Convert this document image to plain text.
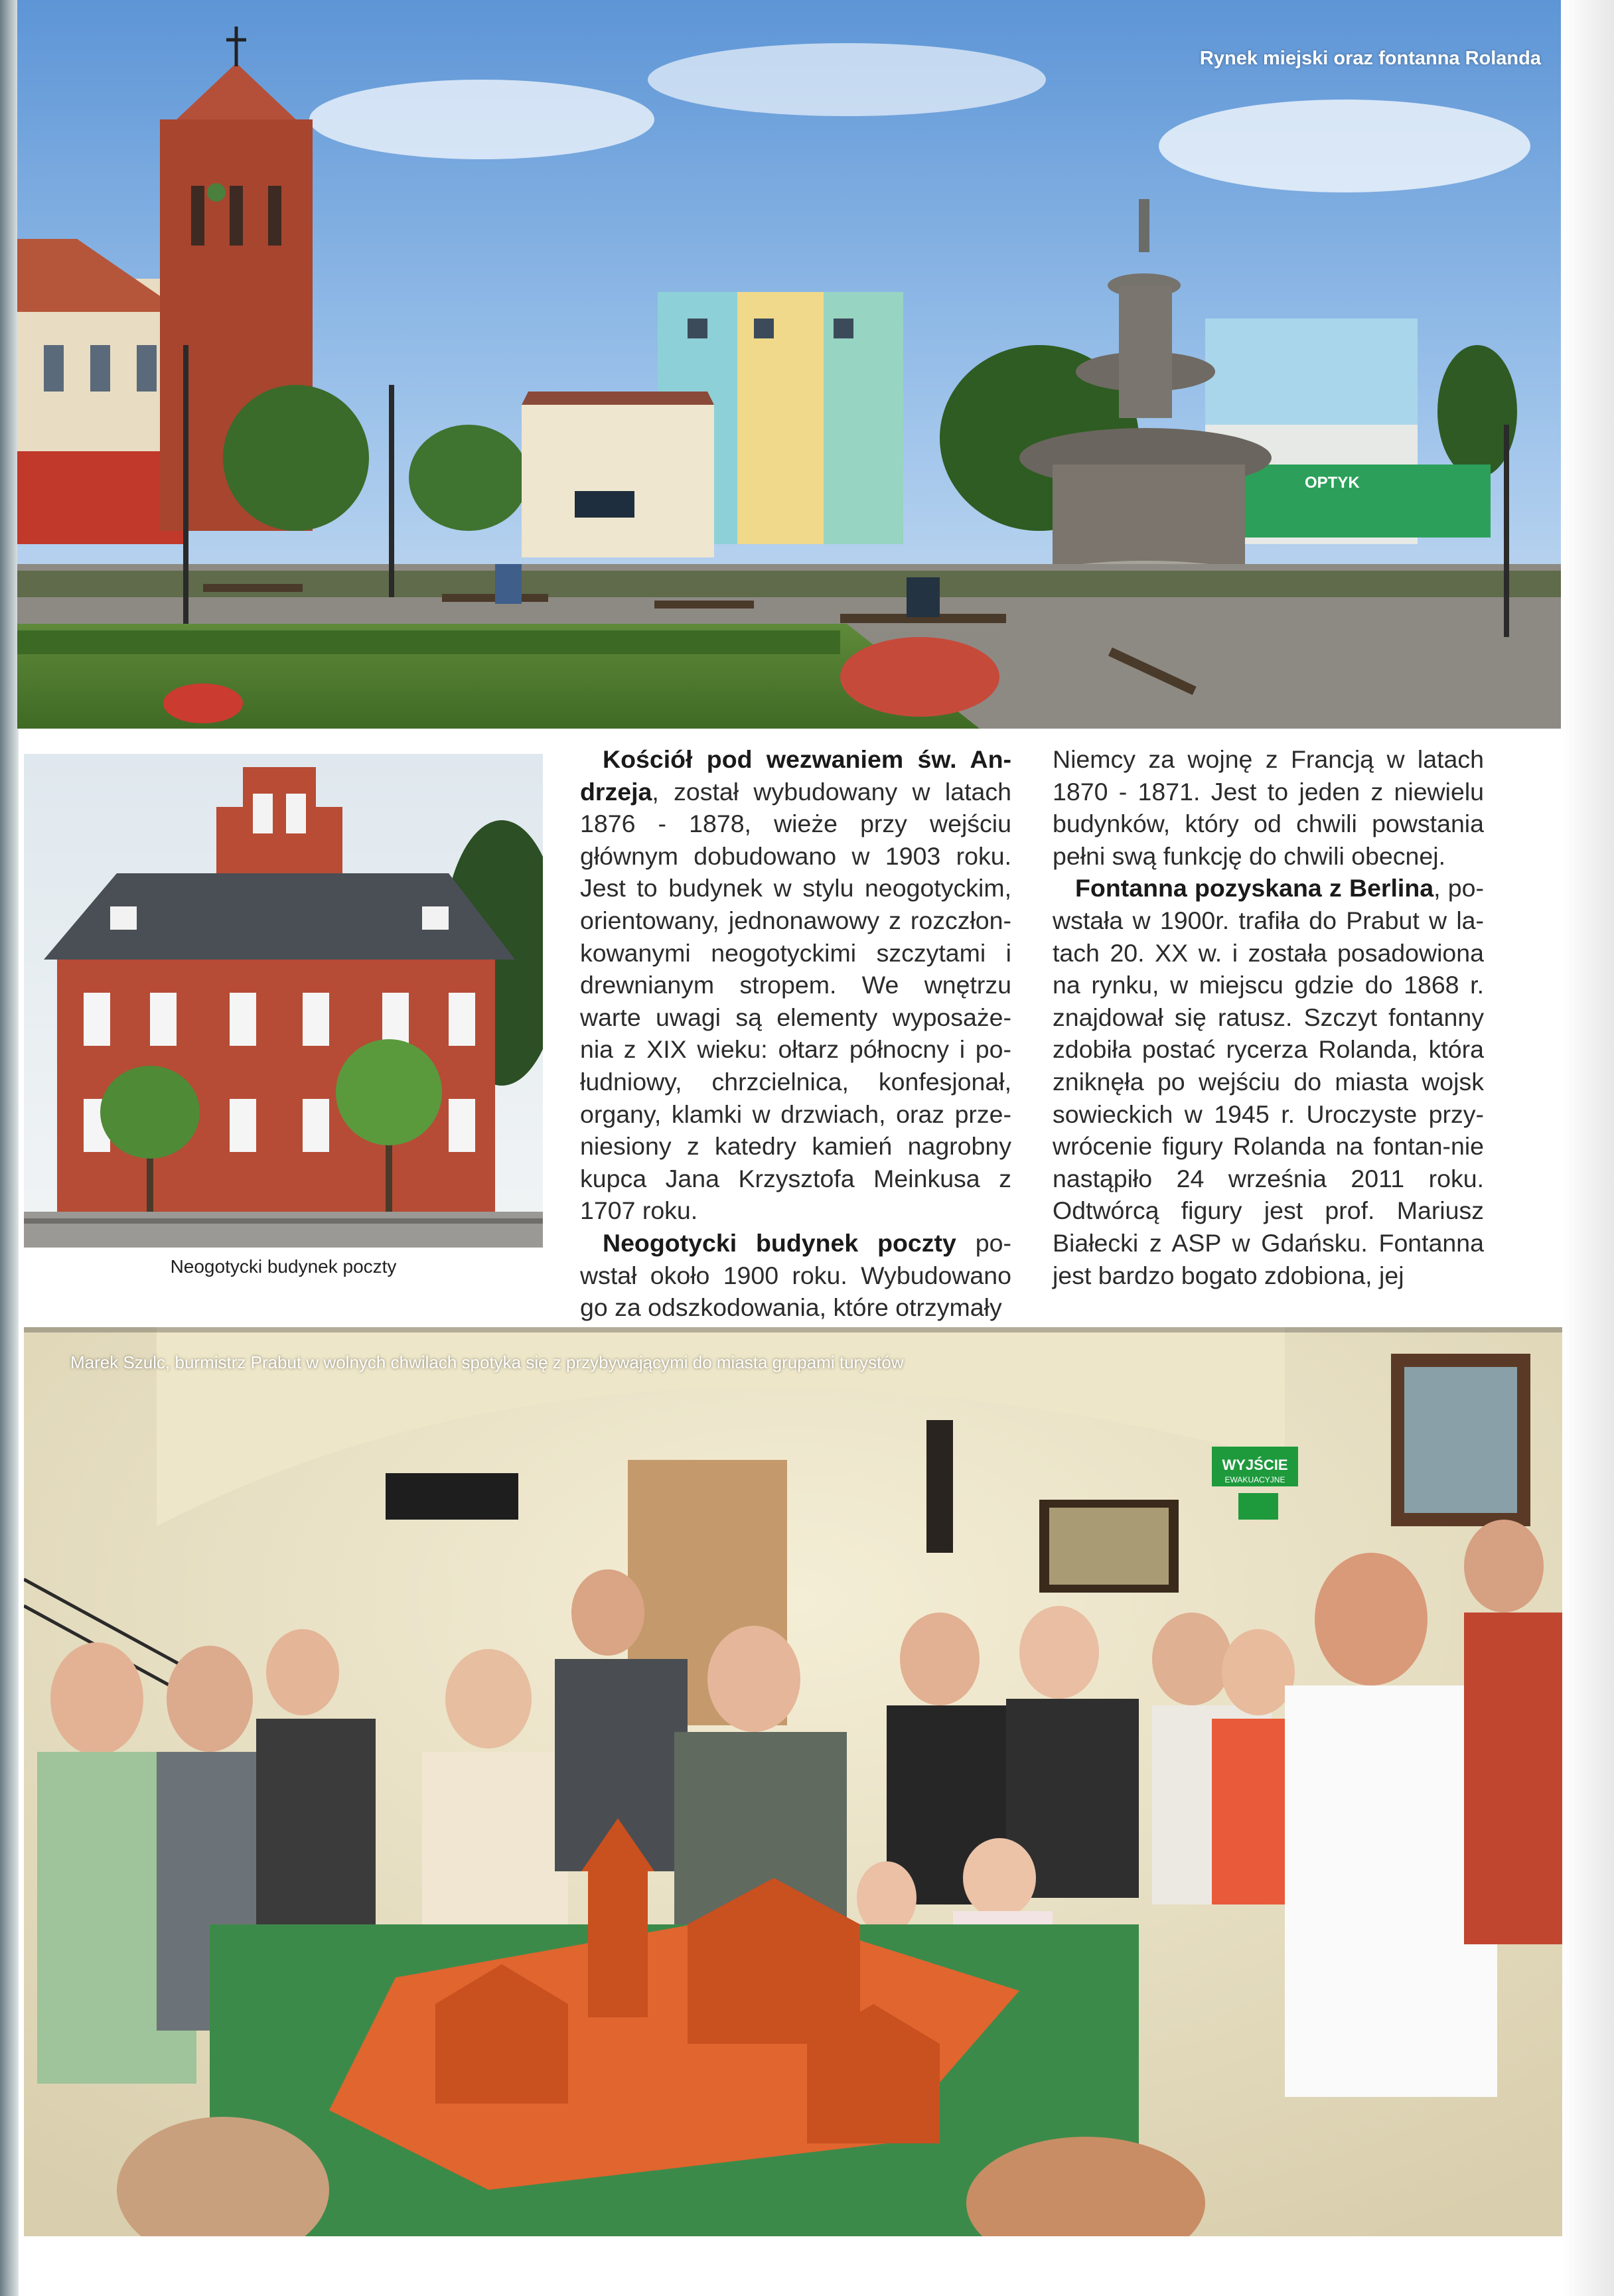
OPTYK
Rynek miejski oraz fontanna Rolanda
Neogotycki budynek poczty

Kościół pod wezwaniem św. An-drzeja, został wybudowany w latach 1876 - 1878, wieże przy wejściu głównym dobudowano w 1903 roku. Jest to budynek w stylu neogotyckim, orientowany, jednonawowy z rozczłon-kowanymi neogotyckimi szczytami i drewnianym stropem. We wnętrzu warte uwagi są elementy wyposaże-nia z XIX wieku: ołtarz północny i po-łudniowy, chrzcielnica, konfesjonał, organy, klamki w drzwiach, oraz prze-niesiony z katedry kamień nagrobny kupca Jana Krzysztofa Meinkusa z 1707 roku.

Neogotycki budynek poczty po-wstał około 1900 roku. Wybudowano go za odszkodowania, które otrzymały

Niemcy za wojnę z Francją w latach 1870 - 1871. Jest to jeden z niewielu budynków, który od chwili powstania pełni swą funkcję do chwili obecnej.

Fontanna pozyskana z Berlina, po-wstała w 1900r. trafiła do Prabut w la-tach 20. XX w. i została posadowiona na rynku, w miejscu gdzie do 1868 r. znajdował się ratusz. Szczyt fontanny zdobiła postać rycerza Rolanda, która zniknęła po wejściu do miasta wojsk sowieckich w 1945 r. Uroczyste przy-wrócenie figury Rolanda na fontan-nie nastąpiło 24 września 2011 roku. Odtwórcą figury jest prof. Mariusz Białecki z ASP w Gdańsku. Fontanna jest bardzo bogato zdobiona, jej

WYJŚCIE
EWAKUACYJNE
Marek Szulc, burmistrz Prabut w wolnych chwilach spotyka się z przybywającymi do miasta grupami turystów
